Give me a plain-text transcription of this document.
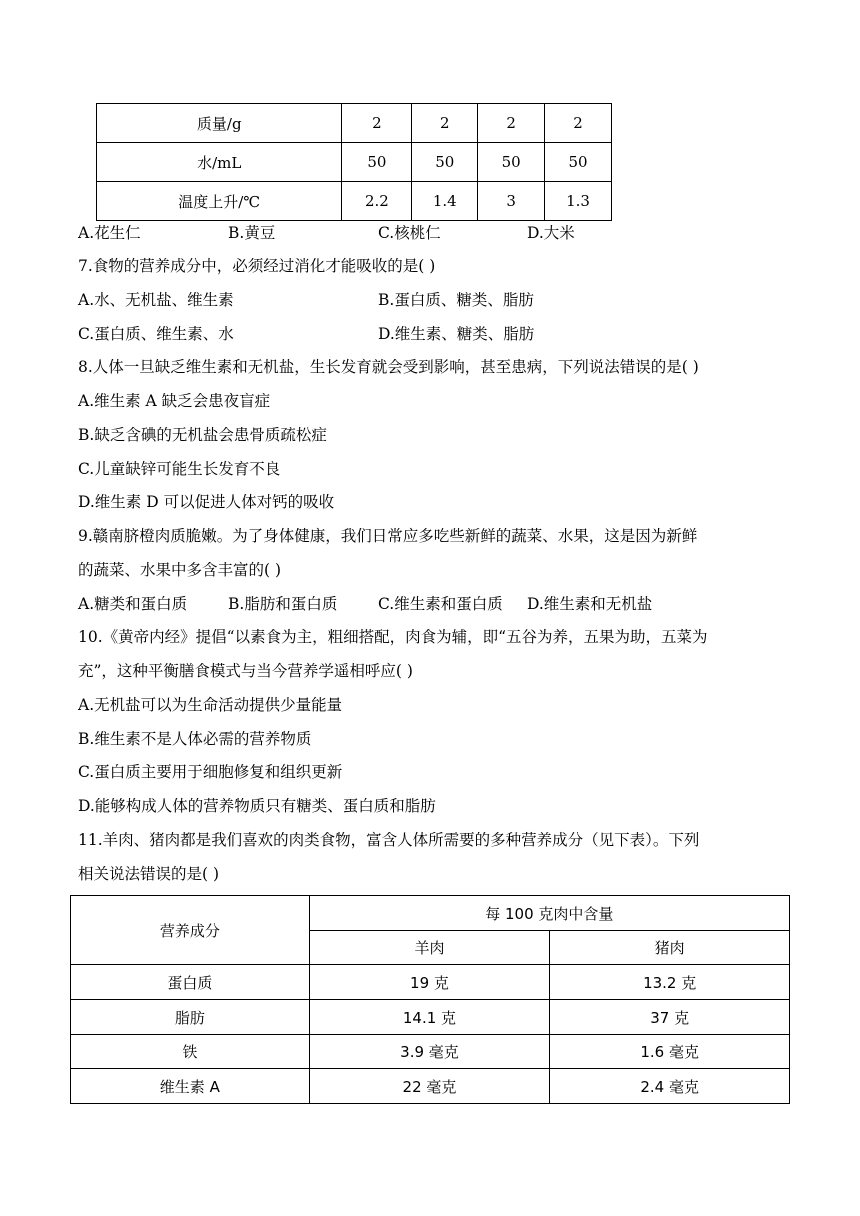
质量/g	2	2	2	2
水/mL	50	50	50	50
温度上升/℃	2.2	1.4	3	1.3
A.花生仁	B.黄豆	C.核桃仁	D.大米
7.食物的营养成分中，必须经过消化才能吸收的是( )
A.水、无机盐、维生素	B.蛋白质、糖类、脂肪
C.蛋白质、维生素、水	D.维生素、糖类、脂肪
8.人体一旦缺乏维生素和无机盐，生长发育就会受到影响，甚至患病，下列说法错误的是( )
A.维生素 A 缺乏会患夜盲症
B.缺乏含碘的无机盐会患骨质疏松症
C.儿童缺锌可能生长发育不良
D.维生素 D 可以促进人体对钙的吸收
9.赣南脐橙肉质脆嫩。为了身体健康，我们日常应多吃些新鲜的蔬菜、水果，这是因为新鲜
的蔬菜、水果中多含丰富的( )
A.糖类和蛋白质	B.脂肪和蛋白质	C.维生素和蛋白质 D.维生素和无机盐
10.《黄帝内经》提倡“以素食为主，粗细搭配，肉食为辅，即“五谷为养，五果为助，五菜为
充”，这种平衡膳食模式与当今营养学遥相呼应( )
A.无机盐可以为生命活动提供少量能量
B.维生素不是人体必需的营养物质
C.蛋白质主要用于细胞修复和组织更新
D.能够构成人体的营养物质只有糖类、蛋白质和脂肪
11.羊肉、猪肉都是我们喜欢的肉类食物，富含人体所需要的多种营养成分（见下表）。下列
相关说法错误的是( )
营养成分	每 100 克肉中含量	
	羊肉	猪肉
蛋白质	19 克	13.2 克
脂肪	14.1 克	37 克
铁	3.9 毫克	1.6 毫克
维生素 A	22 毫克	2.4 毫克
